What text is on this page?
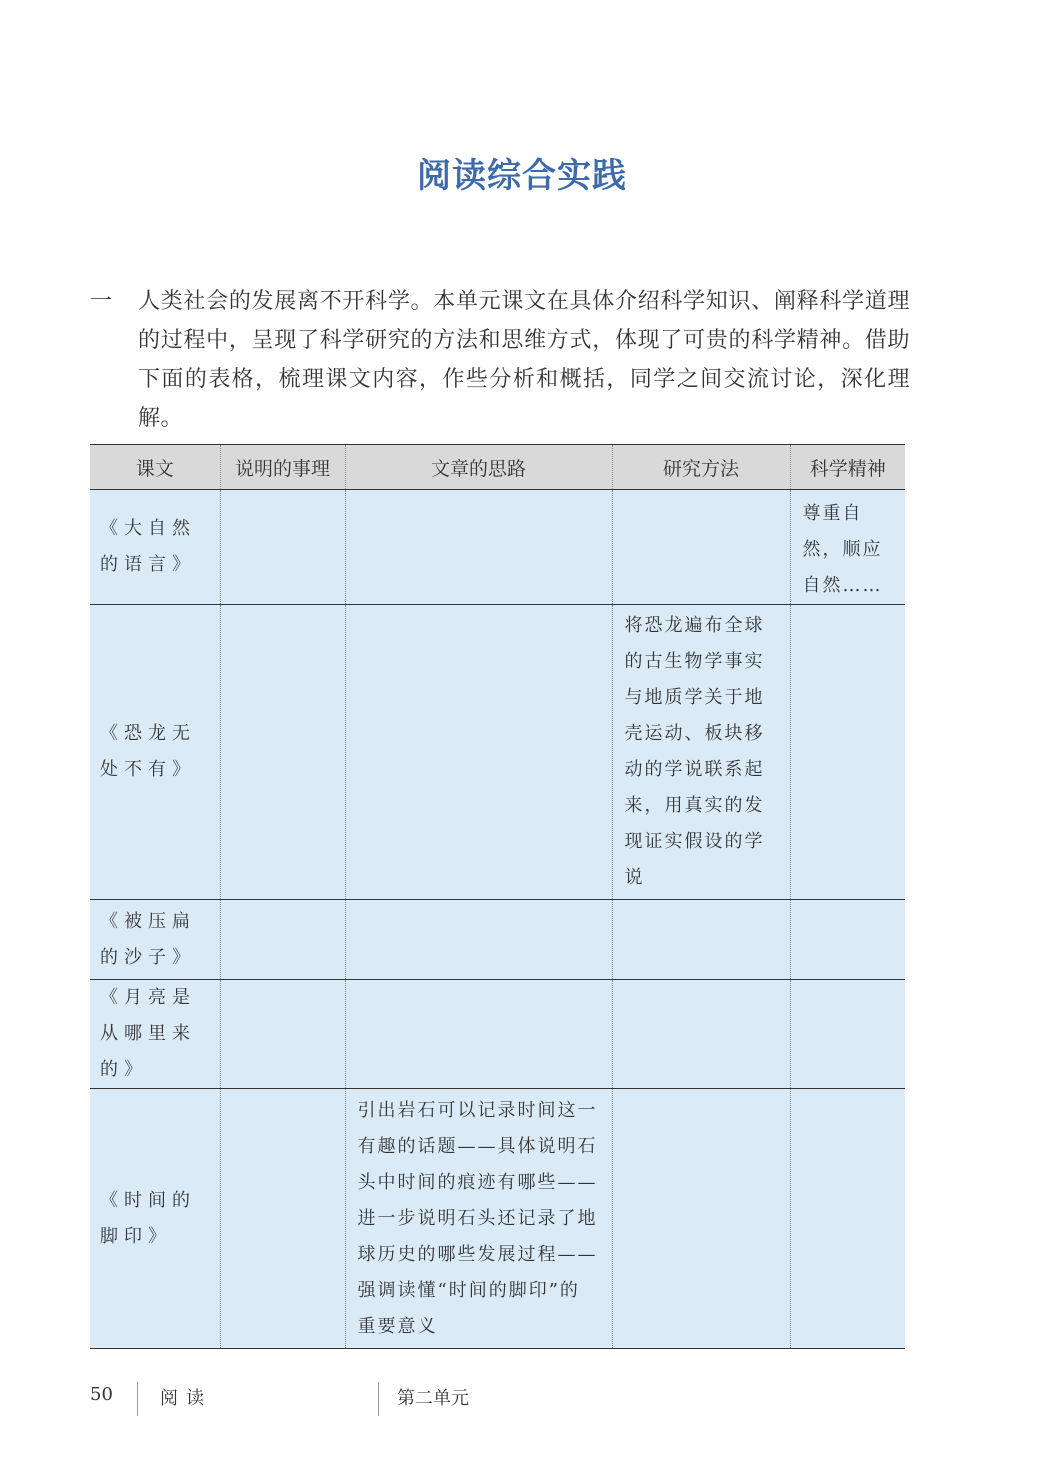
阅读综合实践
一 人类社会的发展离不开科学。本单元课文在具体介绍科学知识、阐释科学道理的过程中，呈现了科学研究的方法和思维方式，体现了可贵的科学精神。借助下面的表格，梳理课文内容，作些分析和概括，同学之间交流讨论，深化理解。
课文	说明的事理	文章的思路	研究方法	科学精神

《大自然的语言》				尊重自然，顺应自然……

《恐龙无处不有》			将恐龙遍布全球的古生物学事实与地质学关于地壳运动、板块移动的学说联系起来，用真实的发现证实假设的学说	

《被压扁的沙子》				

《月亮是从哪里来的》				

《时间的脚印》		引出岩石可以记录时间这一有趣的话题——具体说明石头中时间的痕迹有哪些——进一步说明石头还记录了地球历史的哪些发展过程——强调读懂“时间的脚印”的重要意义		

50	阅读	第二单元
